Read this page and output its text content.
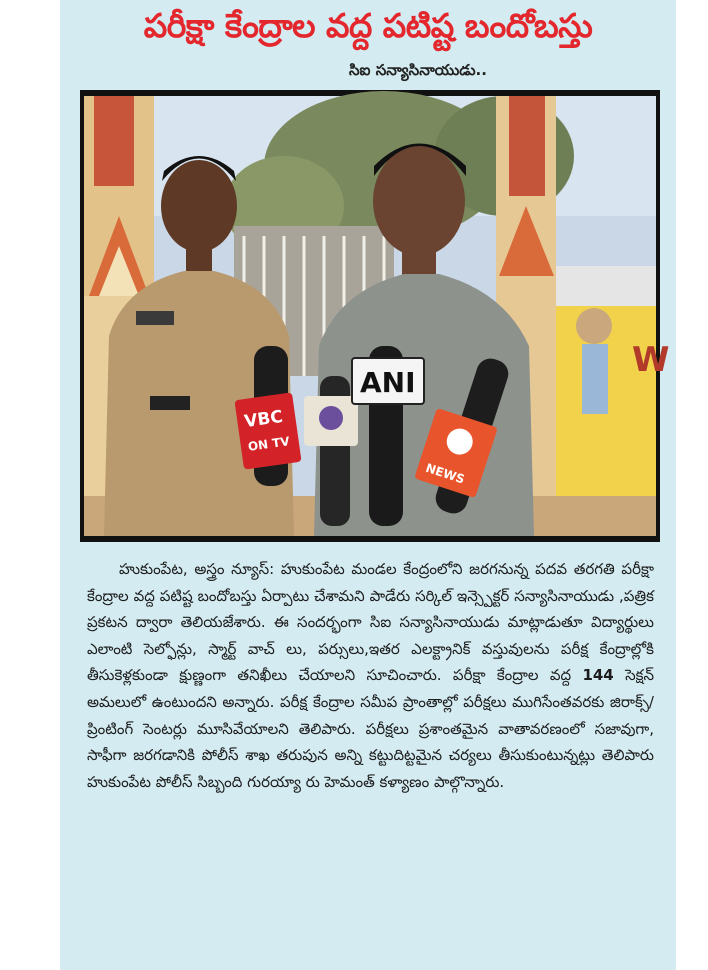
పరీక్షా కేంద్రాల వద్ద పటిష్ట బందోబస్తు
సిఐ సన్యాసినాయుడు..
W
VBC
ON TV
ANI
NEWS

హుకుంపేట, అస్త్రం న్యూస్: హుకుంపేట మండల కేంద్రంలోని జరగనున్న పదవ తరగతి పరీక్షా కేంద్రాల వద్ద పటిష్ట బందోబస్తు ఏర్పాటు చేశామని పాడేరు సర్కిల్ ఇన్స్పెక్టర్ సన్యాసినాయుడు ,పత్రిక ప్రకటన ద్వారా తెలియజేశారు. ఈ సందర్భంగా సిఐ సన్యాసినాయుడు మాట్లాడుతూ విద్యార్థులు ఎలాంటి సెల్ఫోన్లు, స్మార్ట్ వాచ్ లు, పర్సులు,ఇతర ఎలక్ట్రానిక్ వస్తువులను పరీక్ష కేంద్రాల్లోకి తీసుకెళ్లకుండా క్షుణ్ణంగా తనిఖీలు చేయాలని సూచించారు. పరీక్షా కేంద్రాల వద్ద 144 సెక్షన్ అమలులో ఉంటుందని అన్నారు. పరీక్ష కేంద్రాల సమీప ప్రాంతాల్లో పరీక్షలు ముగిసేంతవరకు జిరాక్స్/ప్రింటింగ్ సెంటర్లు మూసివేయాలని తెలిపారు. పరీక్షలు ప్రశాంతమైన వాతావరణంలో సజావుగా, సాఫీగా జరగడానికి పోలీస్ శాఖ తరుపున అన్ని కట్టుదిట్టమైన చర్యలు తీసుకుంటున్నట్లు తెలిపారు హుకుంపేట పోలీస్ సిబ్బంది గురయ్యా రు హెమంత్ కళ్యాణం పాల్గొన్నారు.
